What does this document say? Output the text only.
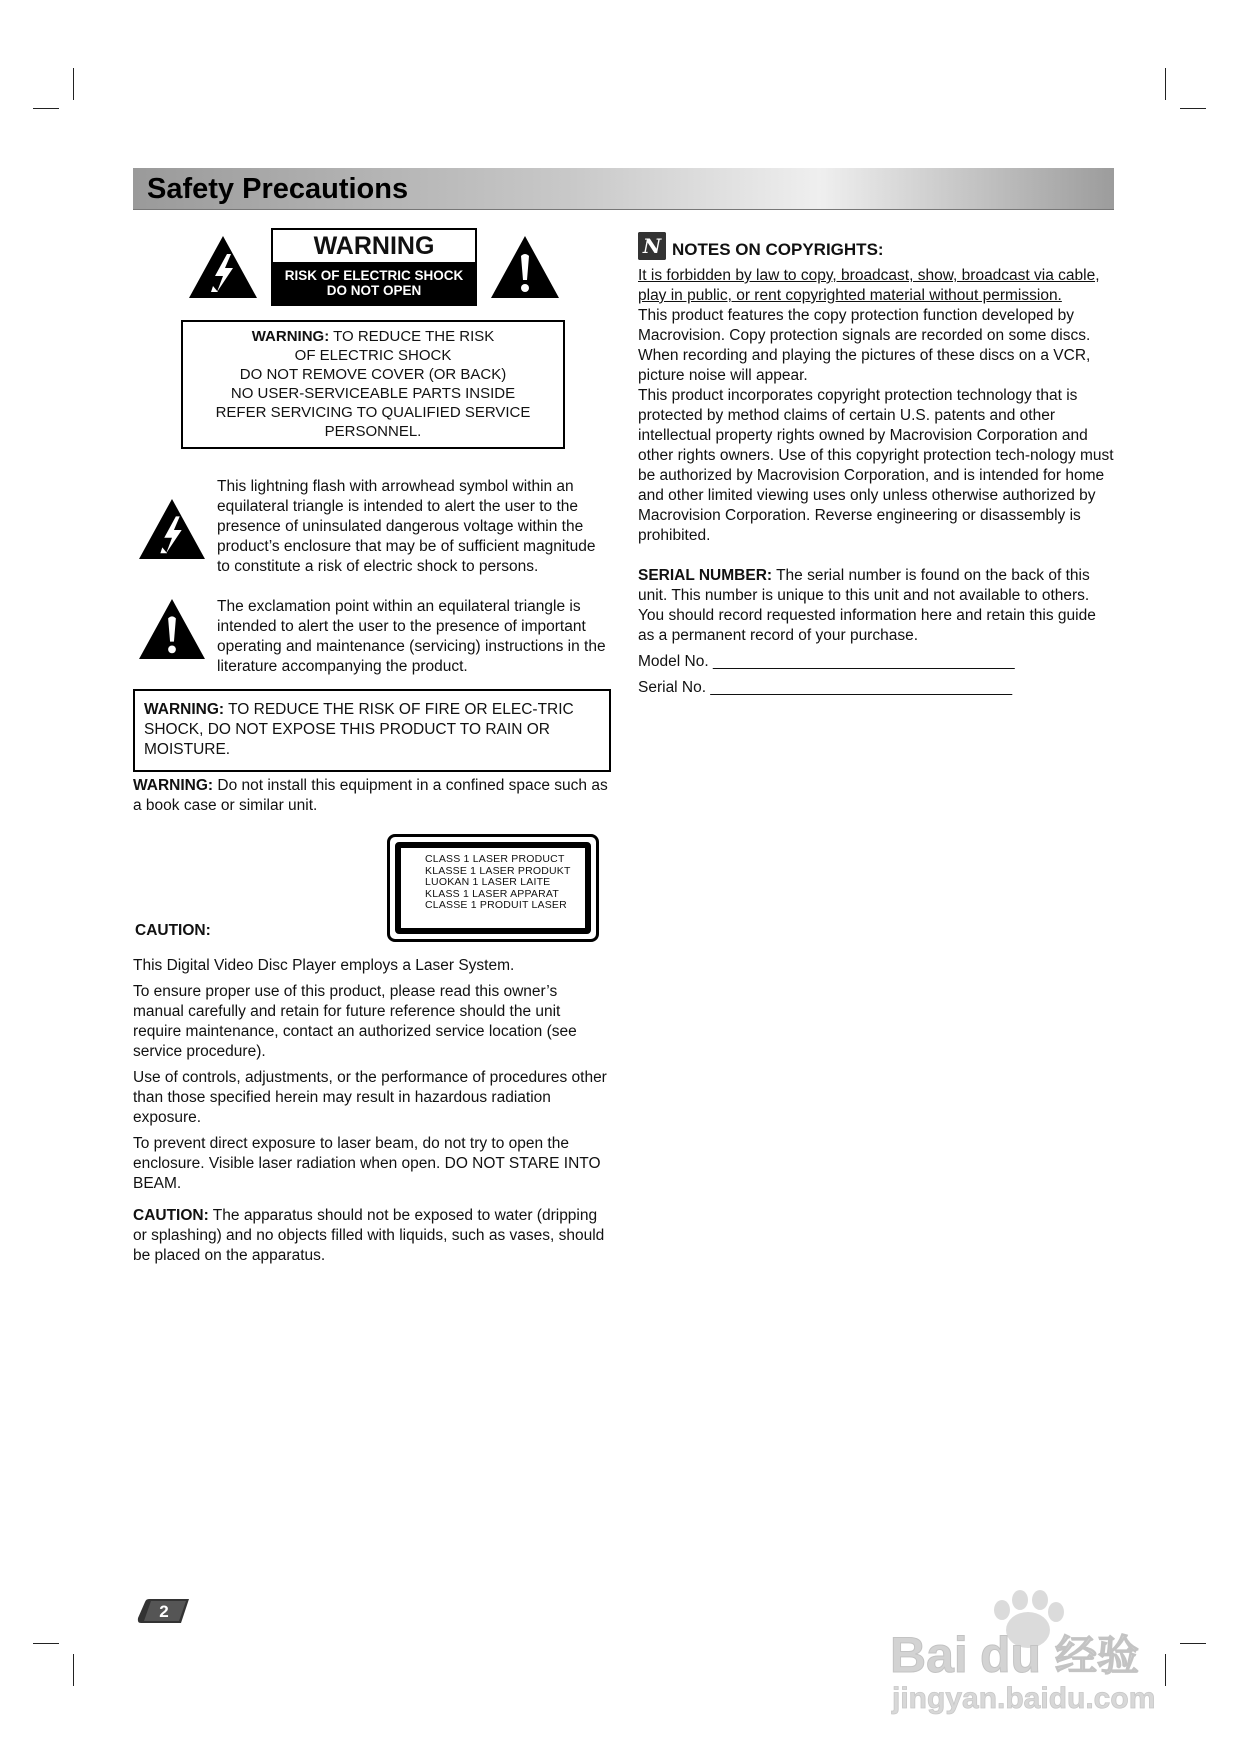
Safety Precautions
WARNING
RISK OF ELECTRIC SHOCK
DO NOT OPEN
WARNING: TO REDUCE THE RISK
OF ELECTRIC SHOCK
DO NOT REMOVE COVER (OR BACK)
NO USER-SERVICEABLE PARTS INSIDE
REFER SERVICING TO QUALIFIED SERVICE
PERSONNEL.

This lightning flash with arrowhead symbol within an equilateral triangle is intended to alert the user to the presence of uninsulated dangerous voltage within the product’s enclosure that may be of sufficient magnitude to constitute a risk of electric shock to persons.

The exclamation point within an equilateral triangle is intended to alert the user to the presence of important operating and maintenance (servicing) instructions in the literature accompanying the product.

WARNING: TO REDUCE THE RISK OF FIRE OR ELEC-TRIC SHOCK, DO NOT EXPOSE THIS PRODUCT TO RAIN OR MOISTURE.

WARNING: Do not install this equipment in a confined space such as a book case or similar unit.

CAUTION:
CLASS 1 LASER PRODUCT
KLASSE 1 LASER PRODUKT
LUOKAN 1 LASER LAITE
KLASS 1 LASER APPARAT
CLASSE 1 PRODUIT LASER

This Digital Video Disc Player employs a Laser System.

To ensure proper use of this product, please read this owner’s manual carefully and retain for future reference should the unit require maintenance, contact an authorized service location (see service procedure).

Use of controls, adjustments, or the performance of procedures other than those specified herein may result in hazardous radiation exposure.

To prevent direct exposure to laser beam, do not try to open the enclosure. Visible laser radiation when open. DO NOT STARE INTO BEAM.

CAUTION: The apparatus should not be exposed to water (dripping or splashing) and no objects filled with liquids, such as vases, should be placed on the apparatus.

N NOTES ON COPYRIGHTS:

It is forbidden by law to copy, broadcast, show, broadcast via cable, play in public, or rent copyrighted material without permission.

This product features the copy protection function developed by Macrovision. Copy protection signals are recorded on some discs. When recording and playing the pictures of these discs on a VCR, picture noise will appear.

This product incorporates copyright protection technology that is protected by method claims of certain U.S. patents and other intellectual property rights owned by Macrovision Corporation and other rights owners. Use of this copyright protection tech-nology must be authorized by Macrovision Corporation, and is intended for home and other limited viewing uses only unless otherwise authorized by Macrovision Corporation. Reverse engineering or disassembly is prohibited.

SERIAL NUMBER: The serial number is found on the back of this unit. This number is unique to this unit and not available to others. You should record requested information here and retain this guide as a permanent record of your purchase.

Model No. ___________________________________

Serial No. ___________________________________

2
Bai du 经验
jingyan.baidu.com
